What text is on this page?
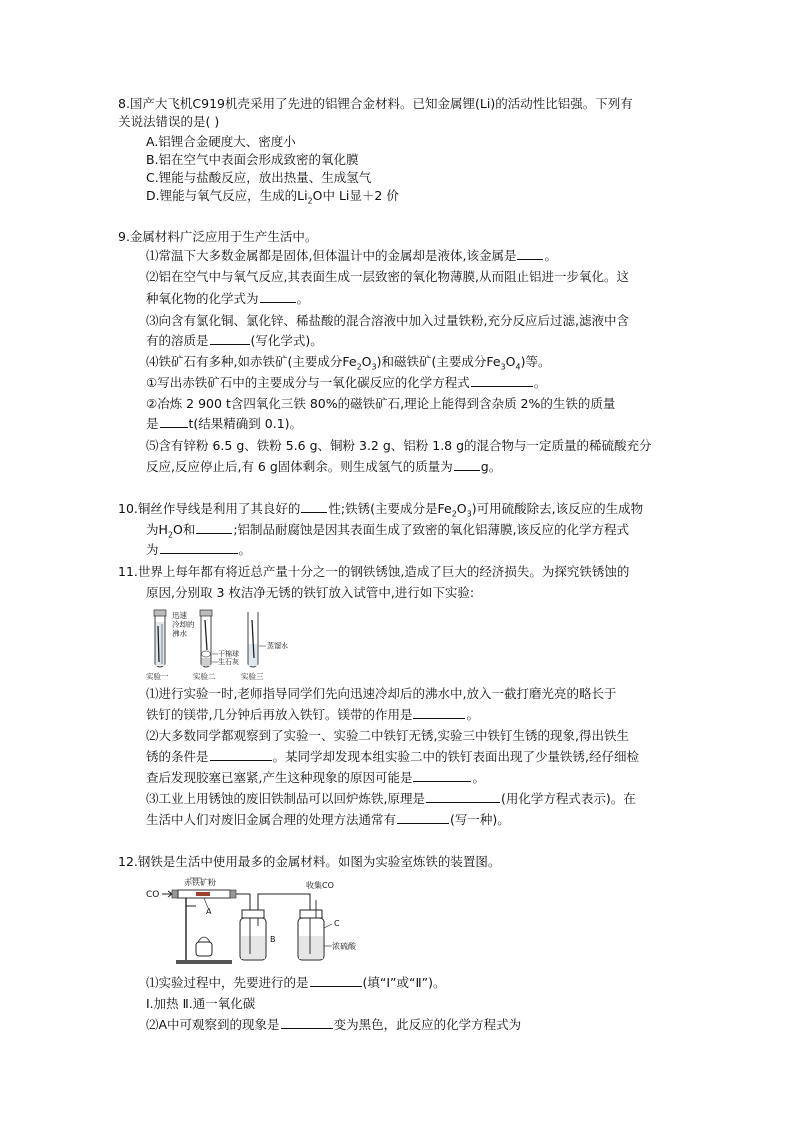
8.国产大飞机C919机壳采用了先进的铝锂合金材料。已知金属锂(Li)的活动性比铝强。下列有
关说法错误的是( )
A.铝锂合金硬度大、密度小
B.铝在空气中表面会形成致密的氧化膜
C.锂能与盐酸反应，放出热量、生成氢气
D.锂能与氧气反应，生成的$Li_2O$中 Li显＋2 价
9.金属材料广泛应用于生产生活中。
⑴常温下大多数金属都是固体,但体温计中的金属却是液体,该金属是 。
⑵铝在空气中与氧气反应,其表面生成一层致密的氧化物薄膜,从而阻止铝进一步氧化。这
种氧化物的化学式为	。
⑶向含有氯化铜、氯化锌、稀盐酸的混合溶液中加入过量铁粉,充分反应后过滤,滤液中含
有的溶质是	(写化学式)。
⑷铁矿石有多种,如赤铁矿(主要成分$Fe_2O_3$)和磁铁矿(主要成分$Fe_3O_4$)等。
①写出赤铁矿石中的主要成分与一氧化碳反应的化学方程式	。
②冶炼 2 900 t含四氧化三铁 80%的磁铁矿石,理论上能得到含杂质 2%的生铁的质量
是 t(结果精确到 0.1)。
⑸含有锌粉 6.5 g、铁粉 5.6 g、铜粉 3.2 g、铝粉 1.8 g的混合物与一定质量的稀硫酸充分
反应,反应停止后,有 6 g固体剩余。则生成氢气的质量为 g。
10.铜丝作导线是利用了其良好的 性;铁锈(主要成分是$Fe_2O_3$)可用硫酸除去,该反应的生成物
为$H_2O$和	;铝制品耐腐蚀是因其表面生成了致密的氧化铝薄膜,该反应的化学方程式
为	。
11.世界上每年都有将近总产量十分之一的钢铁锈蚀,造成了巨大的经济损失。为探究铁锈蚀的
原因,分别取 3 枚洁净无锈的铁钉放入试管中,进行如下实验:
迅速
冷却的
沸水
干棉球
生石灰
蒸馏水
实验一	实验二	实验三
⑴进行实验一时,老师指导同学们先向迅速冷却后的沸水中,放入一截打磨光亮的略长于
铁钉的镁带,几分钟后再放入铁钉。镁带的作用是	。
⑵大多数同学都观察到了实验一、实验二中铁钉无锈,实验三中铁钉生锈的现象,得出铁生
锈的条件是	。某同学却发现本组实验二中的铁钉表面出现了少量铁锈,经仔细检
查后发现胶塞已塞紧,产生这种现象的原因可能是	。
⑶工业上用锈蚀的废旧铁制品可以回炉炼铁,原理是	(用化学方程式表示)。在
生活中人们对废旧金属合理的处理方法通常有	(写一种)。
12.钢铁是生活中使用最多的金属材料。如图为实验室炼铁的装置图。
CO
赤铁矿粉
A
B
收集CO
C
浓硫酸
⑴实验过程中，先要进行的是	(填“Ⅰ”或“Ⅱ”)。
Ⅰ.加热 Ⅱ.通一氧化碳
⑵A中可观察到的现象是	变为黑色，此反应的化学方程式为
